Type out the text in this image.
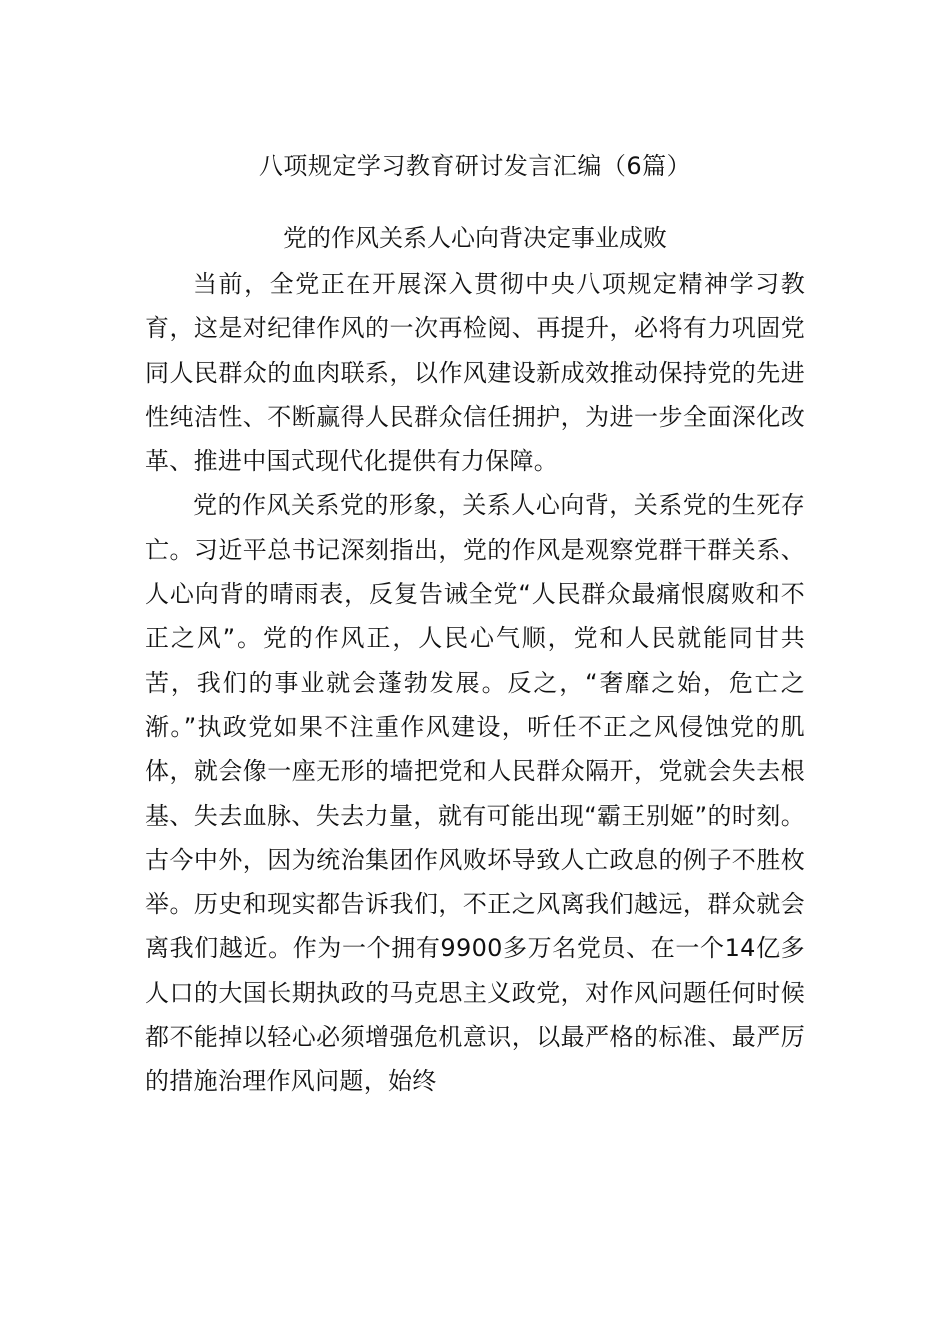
八项规定学习教育研讨发言汇编（6篇）
党的作风关系人心向背决定事业成败

当前，全党正在开展深入贯彻中央八项规定精神学习教育，这是对纪律作风的一次再检阅、再提升，必将有力巩固党同人民群众的血肉联系，以作风建设新成效推动保持党的先进性纯洁性、不断赢得人民群众信任拥护，为进一步全面深化改革、推进中国式现代化提供有力保障。

党的作风关系党的形象，关系人心向背，关系党的生死存亡。习近平总书记深刻指出，党的作风是观察党群干群关系、人心向背的晴雨表，反复告诫全党“人民群众最痛恨腐败和不正之风”。党的作风正，人民心气顺，党和人民就能同甘共苦，我们的事业就会蓬勃发展。反之，“奢靡之始，危亡之渐。”执政党如果不注重作风建设，听任不正之风侵蚀党的肌体，就会像一座无形的墙把党和人民群众隔开，党就会失去根基、失去血脉、失去力量，就有可能出现“霸王别姬”的时刻。古今中外，因为统治集团作风败坏导致人亡政息的例子不胜枚举。历史和现实都告诉我们，不正之风离我们越远，群众就会离我们越近。作为一个拥有9900多万名党员、在一个14亿多人口的大国长期执政的马克思主义政党，对作风问题任何时候都不能掉以轻心必须增强危机意识，以最严格的标准、最严厉的措施治理作风问题，始终
